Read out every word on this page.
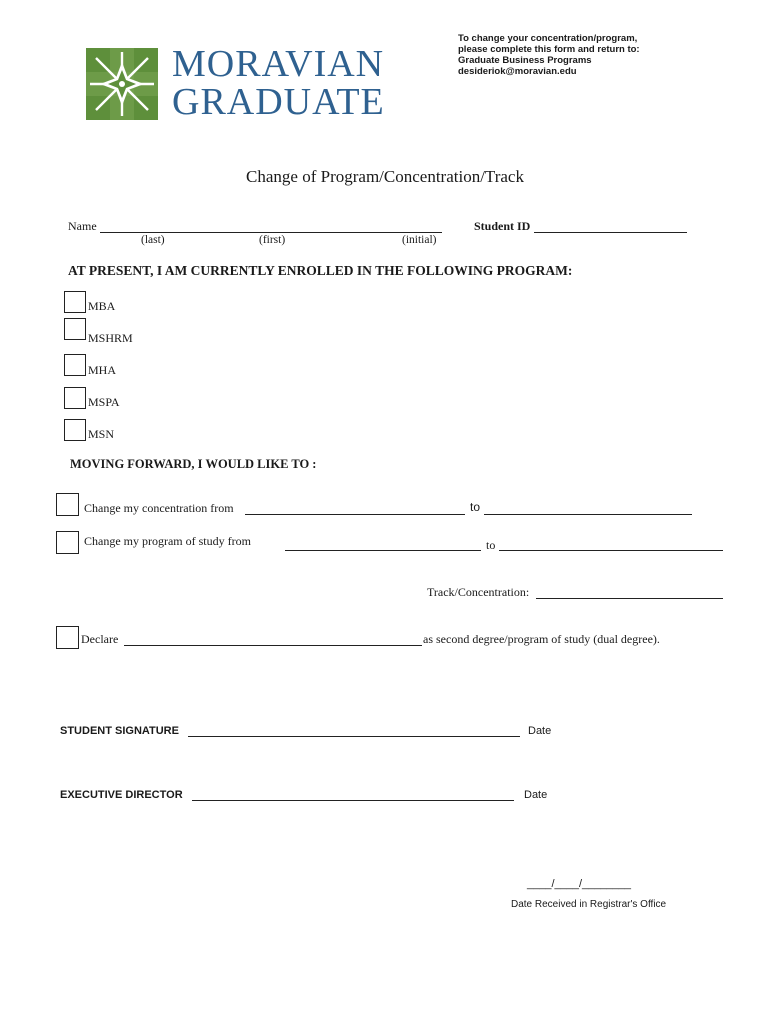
MORAVIAN
GRADUATE
To change your concentration/program,
please complete this form and return to:
Graduate Business Programs
desideriok@moravian.edu
Change of Program/Concentration/Track
Name
(last)	(first)	(initial)
Student ID
AT PRESENT, I AM CURRENTLY ENROLLED IN THE FOLLOWING PROGRAM:
MBA
MSHRM
MHA
MSPA
MSN
MOVING FORWARD, I WOULD LIKE TO :
Change my concentration from	to
Change my program of study from	to
Track/Concentration:
Declare	as second degree/program of study (dual degree).
STUDENT SIGNATURE	Date
EXECUTIVE DIRECTOR	Date
____/____/________
Date Received in Registrar's Office
